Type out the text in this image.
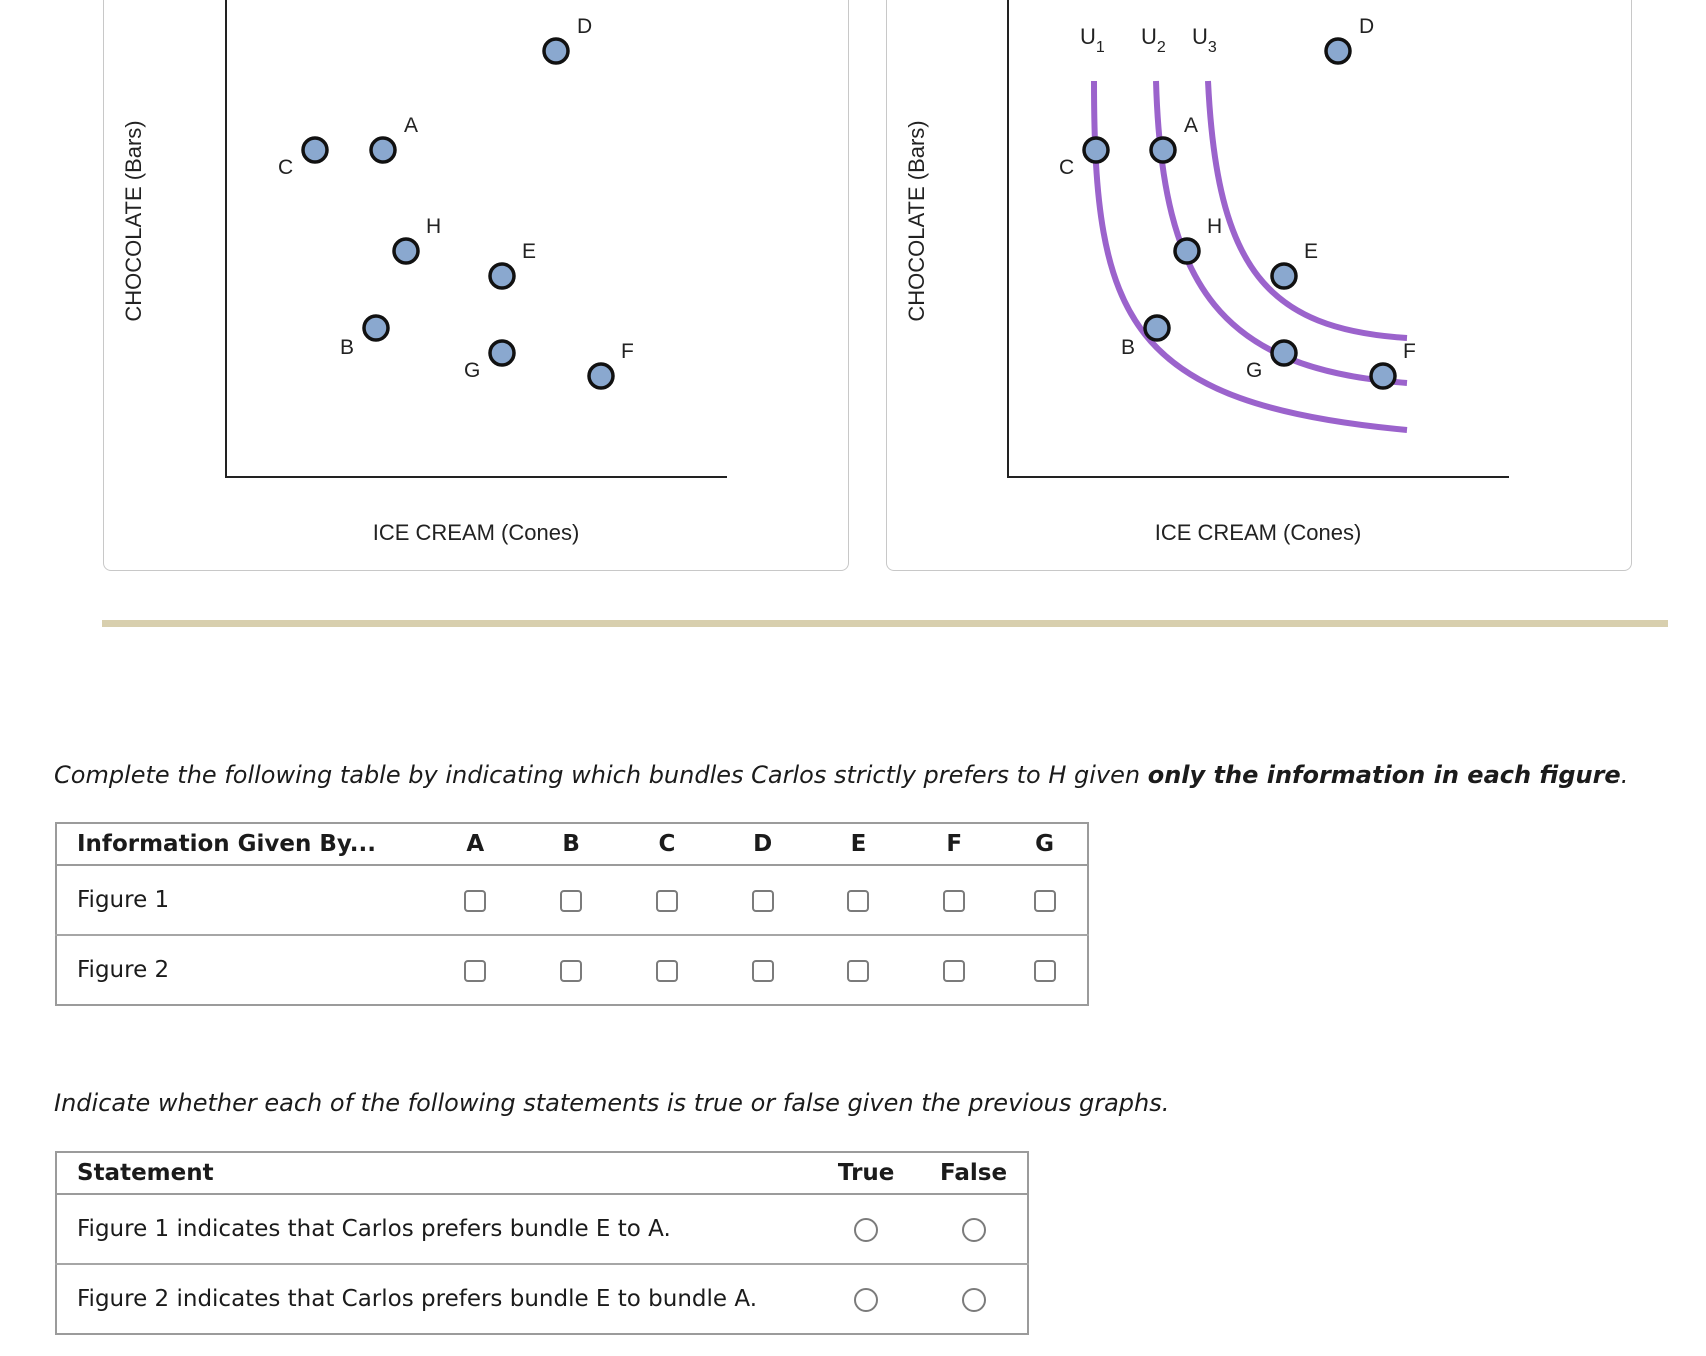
CHOCOLATE (Bars)
ICE CREAM (Cones)
A
B
C
D
E
F
G
H	CHOCOLATE (Bars)
ICE CREAM (Cones)
$U_1$ $U_2$ $U_3$
A
B
C
D
E
F
G
H
Complete the following table by indicating which bundles Carlos strictly prefers to H given only the information in each figure.
Information Given By...	A	B	C	D	E	F	G
Figure 1							
Figure 2							
Indicate whether each of the following statements is true or false given the previous graphs.
Statement	True	False
Figure 1 indicates that Carlos prefers bundle E to A.		
Figure 2 indicates that Carlos prefers bundle E to bundle A.		
